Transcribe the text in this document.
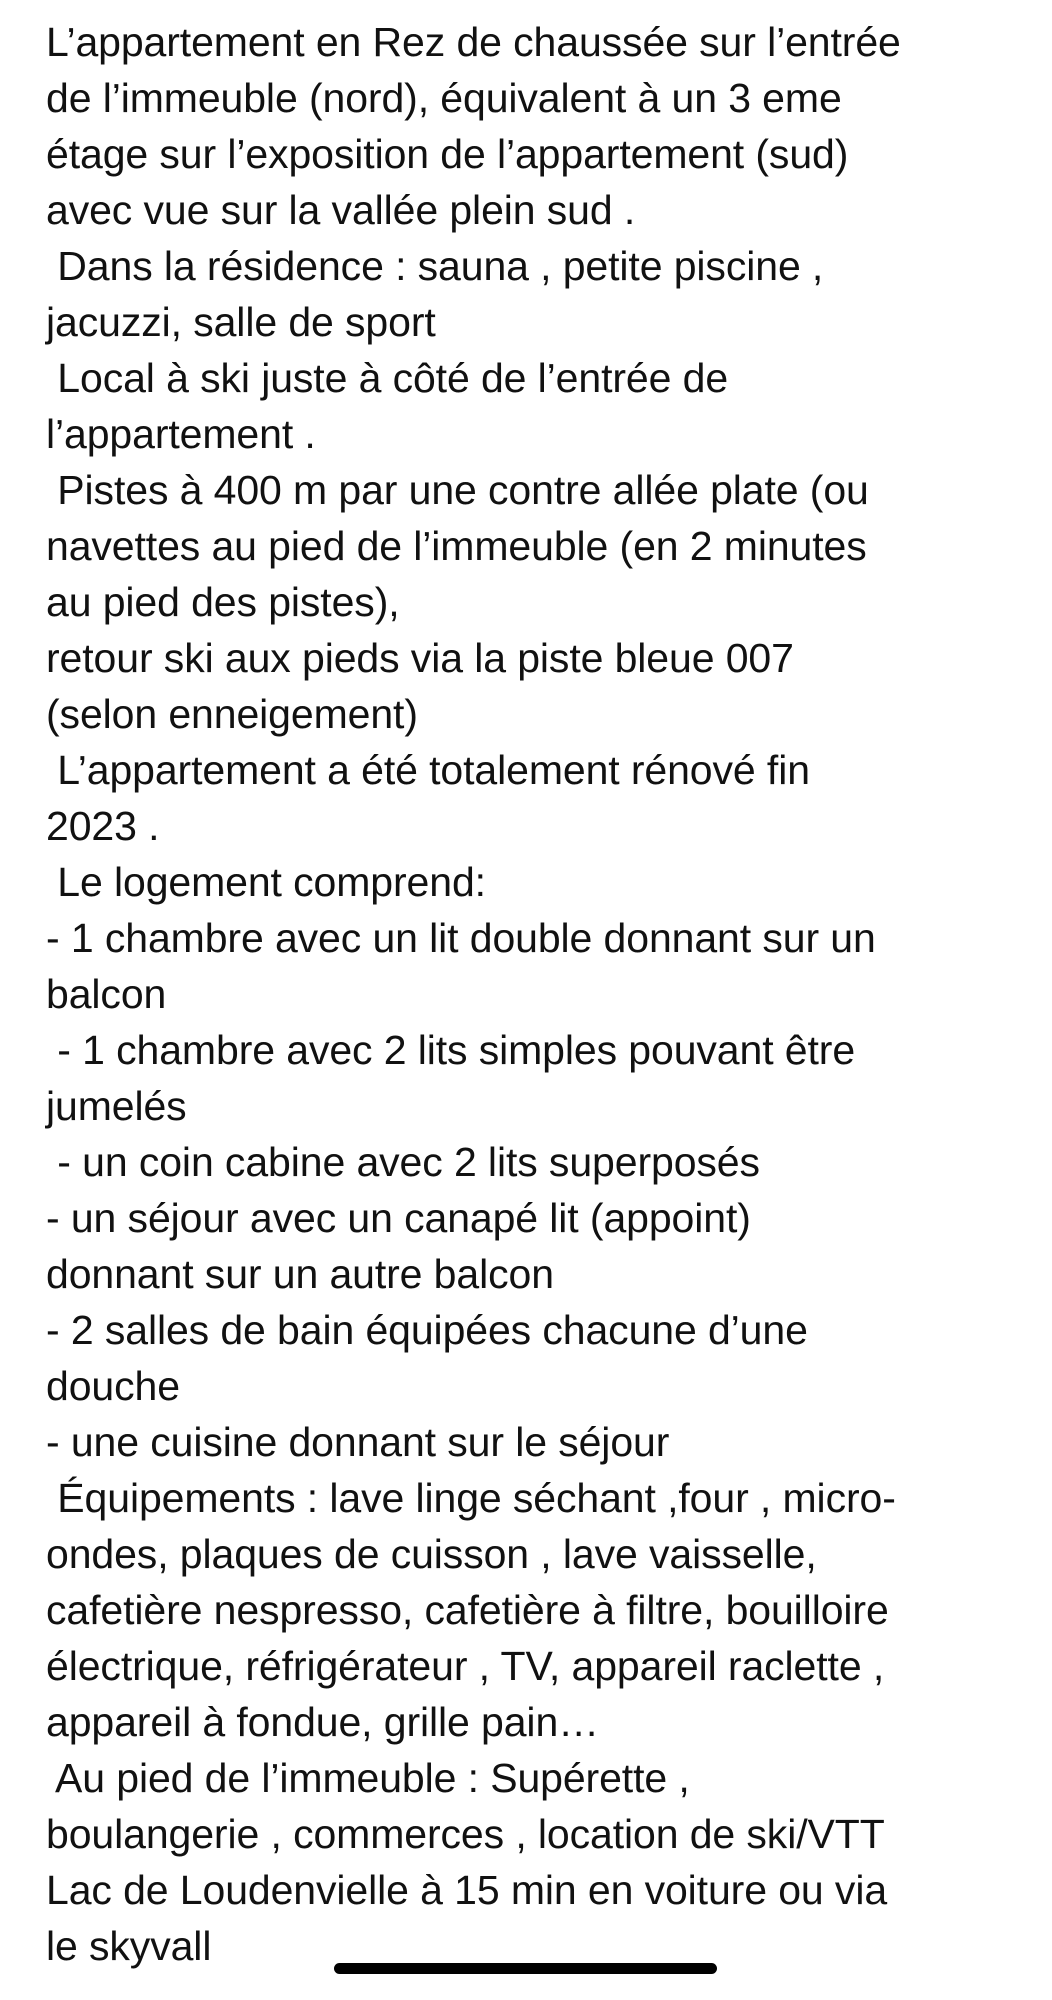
L’appartement en Rez de chaussée sur l’entrée
de l’immeuble (nord), équivalent à un 3 eme
étage sur l’exposition de l’appartement (sud)
avec vue sur la vallée plein sud .
Dans la résidence : sauna , petite piscine ,
jacuzzi, salle de sport
Local à ski juste à côté de l’entrée de
l’appartement .
Pistes à 400 m par une contre allée plate (ou
navettes au pied de l’immeuble (en 2 minutes
au pied des pistes),
retour ski aux pieds via la piste bleue 007
(selon enneigement)
L’appartement a été totalement rénové fin
2023 .
Le logement comprend:
- 1 chambre avec un lit double donnant sur un
balcon
- 1 chambre avec 2 lits simples pouvant être
jumelés
- un coin cabine avec 2 lits superposés
- un séjour avec un canapé lit (appoint)
donnant sur un autre balcon
- 2 salles de bain équipées chacune d’une
douche
- une cuisine donnant sur le séjour
Équipements : lave linge séchant ,four , micro-
ondes, plaques de cuisson , lave vaisselle,
cafetière nespresso, cafetière à filtre, bouilloire
électrique, réfrigérateur , TV, appareil raclette ,
appareil à fondue, grille pain…
Au pied de l’immeuble : Supérette ,
boulangerie , commerces , location de ski/VTT
Lac de Loudenvielle à 15 min en voiture ou via
le skyvall
